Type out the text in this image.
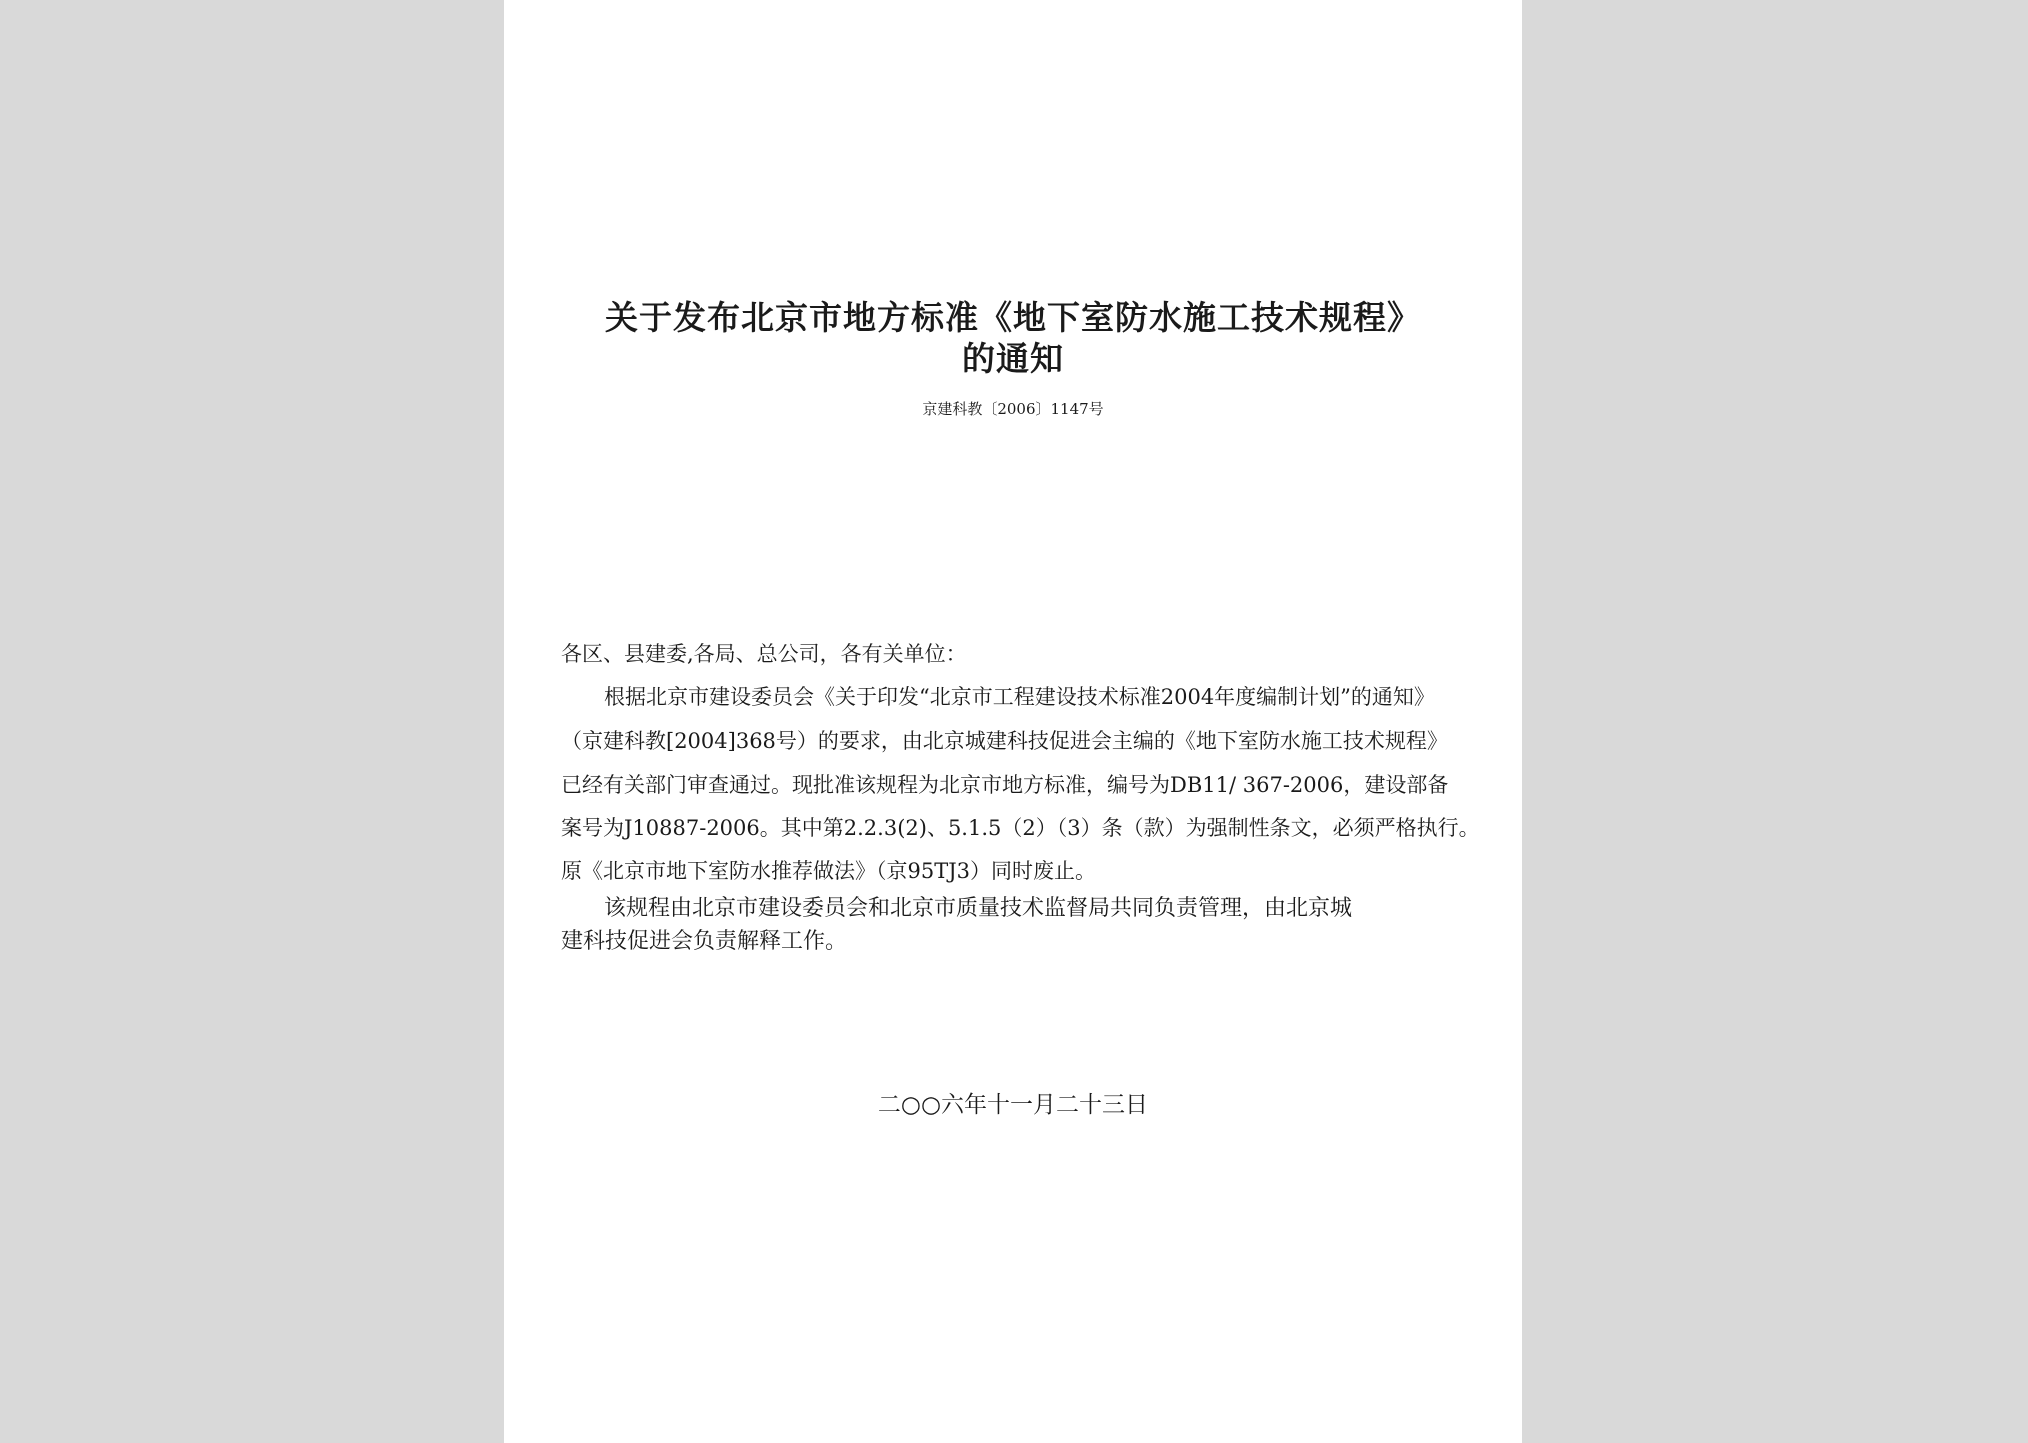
关于发布北京市地方标准《地下室防水施工技术规程》
的通知
京建科教〔2006〕1147号
各区、县建委,各局、总公司，各有关单位：
根据北京市建设委员会《关于印发“北京市工程建设技术标准2004年度编制计划”的通知》
（京建科教[2004]368号）的要求，由北京城建科技促进会主编的《地下室防水施工技术规程》
已经有关部门审查通过。现批准该规程为北京市地方标准，编号为DB11/ 367-2006，建设部备
案号为J10887-2006。其中第2.2.3(2)、5.1.5（2）（3）条（款）为强制性条文，必须严格执行。
原《北京市地下室防水推荐做法》（京95TJ3）同时废止。
该规程由北京市建设委员会和北京市质量技术监督局共同负责管理，由北京城
建科技促进会负责解释工作。
二○○六年十一月二十三日
